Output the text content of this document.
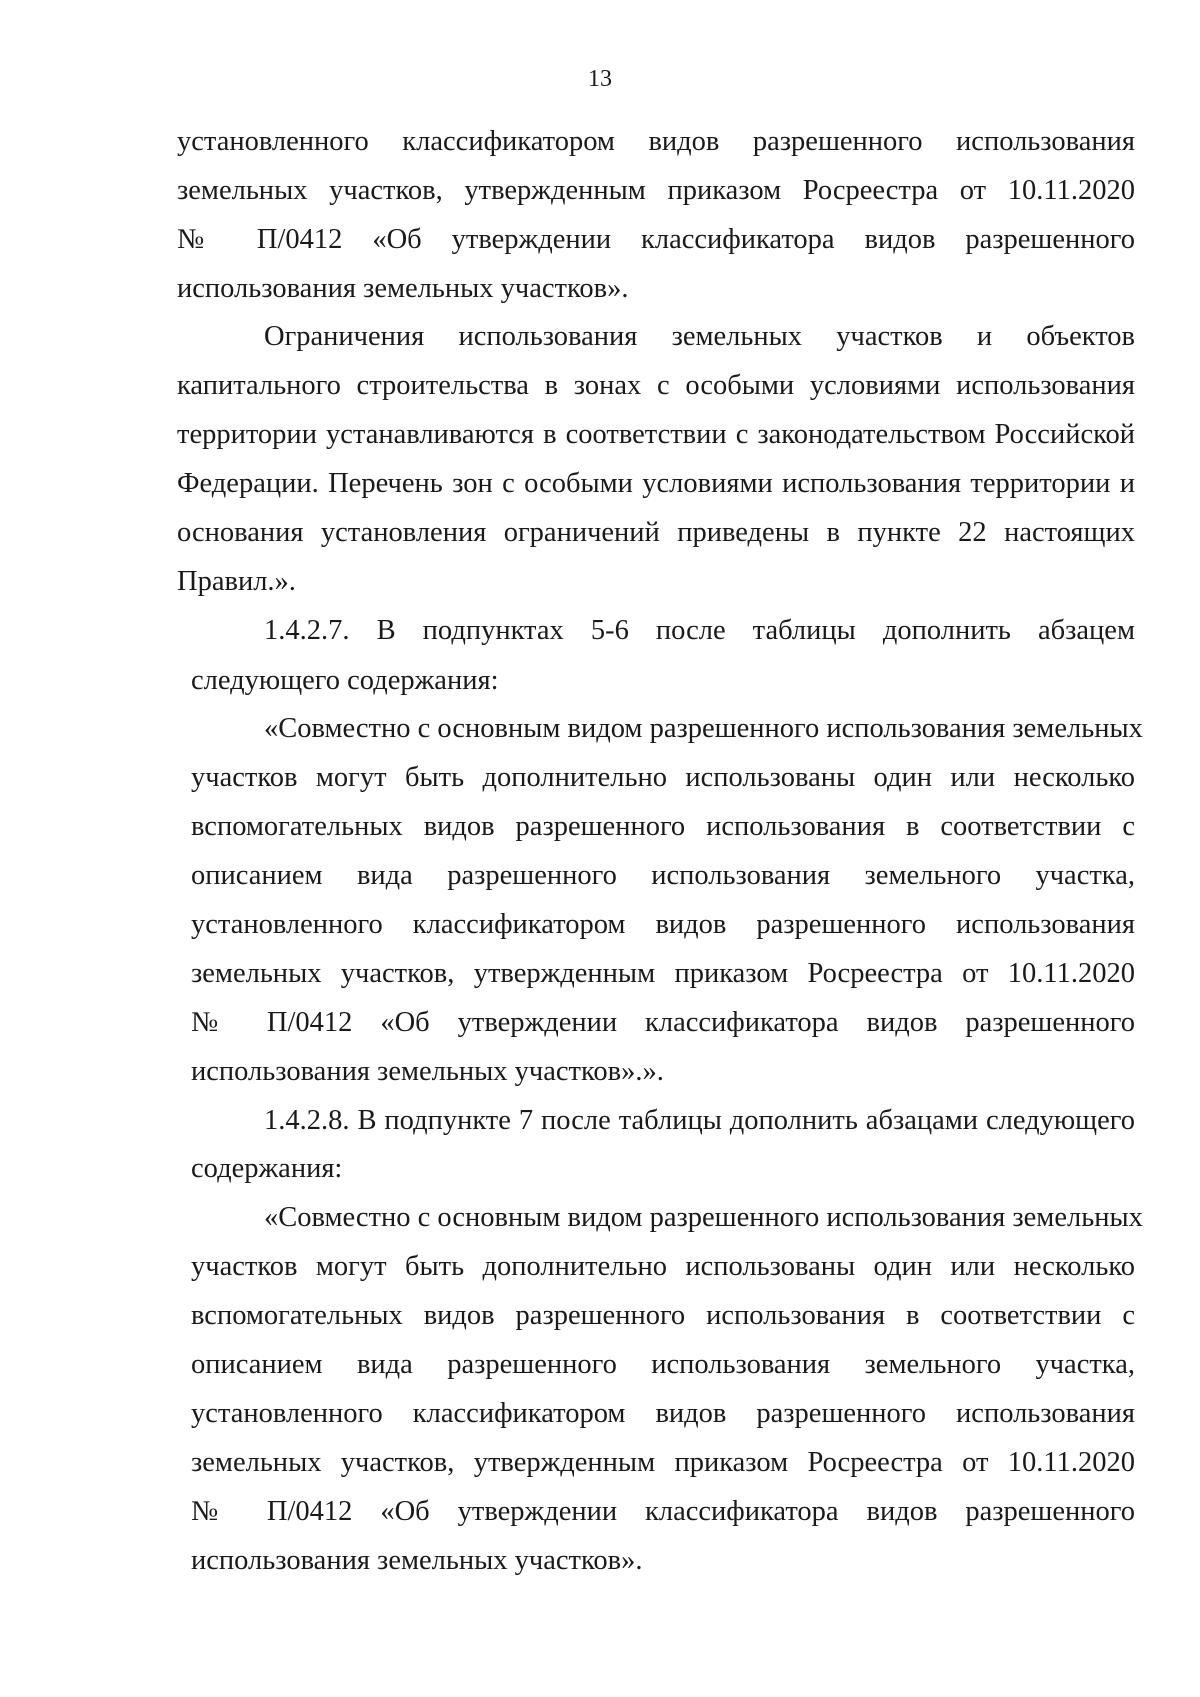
13
установленного классификатором видов разрешенного использования
земельных участков, утвержденным приказом Росреестра от 10.11.2020
№ П/0412 «Об утверждении классификатора видов разрешенного
использования земельных участков».
Ограничения использования земельных участков и объектов
капитального строительства в зонах с особыми условиями использования
территории устанавливаются в соответствии с законодательством Российской
Федерации. Перечень зон с особыми условиями использования территории и
основания установления ограничений приведены в пункте 22 настоящих
Правил.».
1.4.2.7. В подпунктах 5-6 после таблицы дополнить абзацем
следующего содержания:
«Совместно с основным видом разрешенного использования земельных
участков могут быть дополнительно использованы один или несколько
вспомогательных видов разрешенного использования в соответствии с
описанием вида разрешенного использования земельного участка,
установленного классификатором видов разрешенного использования
земельных участков, утвержденным приказом Росреестра от 10.11.2020
№ П/0412 «Об утверждении классификатора видов разрешенного
использования земельных участков».».
1.4.2.8. В подпункте 7 после таблицы дополнить абзацами следующего
содержания:
«Совместно с основным видом разрешенного использования земельных
участков могут быть дополнительно использованы один или несколько
вспомогательных видов разрешенного использования в соответствии с
описанием вида разрешенного использования земельного участка,
установленного классификатором видов разрешенного использования
земельных участков, утвержденным приказом Росреестра от 10.11.2020
№ П/0412 «Об утверждении классификатора видов разрешенного
использования земельных участков».
